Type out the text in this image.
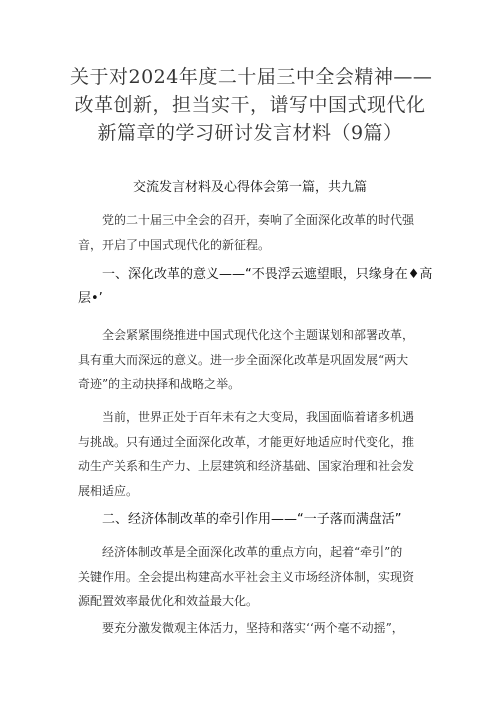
关于对2024年度二十届三中全会精神——
改革创新，担当实干，谱写中国式现代化
新篇章的学习研讨发言材料（9篇）
交流发言材料及心得体会第一篇，共九篇
党的二十届三中全会的召开，奏响了全面深化改革的时代强
音，开启了中国式现代化的新征程。
一、深化改革的意义——“不畏浮云遮望眼，只缘身在♦高
层•’
全会紧紧围绕推进中国式现代化这个主题谋划和部署改革，
具有重大而深远的意义。进一步全面深化改革是巩固发展“两大
奇迹”的主动抉择和战略之举。
当前，世界正处于百年未有之大变局，我国面临着诸多机遇
与挑战。只有通过全面深化改革，才能更好地适应时代变化，推
动生产关系和生产力、上层建筑和经济基础、国家治理和社会发
展相适应。
二、经济体制改革的牵引作用——“一子落而满盘活”
经济体制改革是全面深化改革的重点方向，起着“牵引”的
关键作用。全会提出构建高水平社会主义市场经济体制，实现资
源配置效率最优化和效益最大化。
要充分激发微观主体活力，坚持和落实‘‘两个毫不动摇”，
